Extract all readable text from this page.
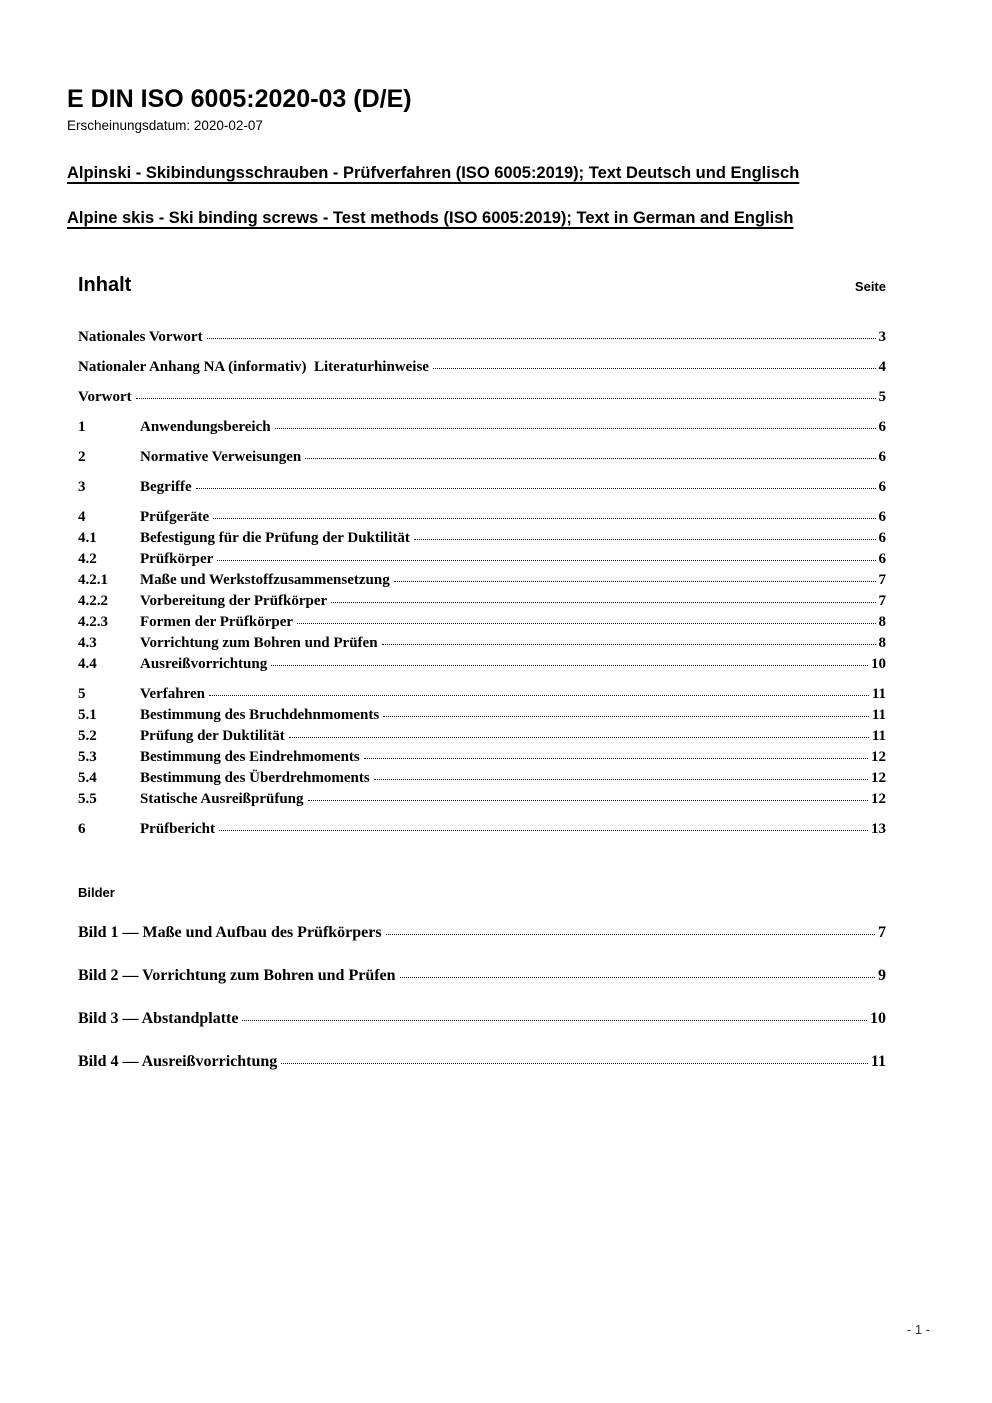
E DIN ISO 6005:2020-03 (D/E)
Erscheinungsdatum: 2020-02-07
Alpinski - Skibindungsschrauben - Prüfverfahren (ISO 6005:2019); Text Deutsch und Englisch
Alpine skis - Ski binding screws - Test methods (ISO 6005:2019); Text in German and English
Inhalt	Seite
Nationales Vorwort	3
Nationaler Anhang NA (informativ)  Literaturhinweise	4
Vorwort	5
1	Anwendungsbereich	6
2	Normative Verweisungen	6
3	Begriffe	6
4	Prüfgeräte	6
4.1	Befestigung für die Prüfung der Duktilität	6
4.2	Prüfkörper	6
4.2.1	Maße und Werkstoffzusammensetzung	7
4.2.2	Vorbereitung der Prüfkörper	7
4.2.3	Formen der Prüfkörper	8
4.3	Vorrichtung zum Bohren und Prüfen	8
4.4	Ausreißvorrichtung	10
5	Verfahren	11
5.1	Bestimmung des Bruchdehnmoments	11
5.2	Prüfung der Duktilität	11
5.3	Bestimmung des Eindrehmoments	12
5.4	Bestimmung des Überdrehmoments	12
5.5	Statische Ausreißprüfung	12
6	Prüfbericht	13
Bilder
Bild 1 — Maße und Aufbau des Prüfkörpers	7
Bild 2 — Vorrichtung zum Bohren und Prüfen	9
Bild 3 — Abstandplatte	10
Bild 4 — Ausreißvorrichtung	11
- 1 -
